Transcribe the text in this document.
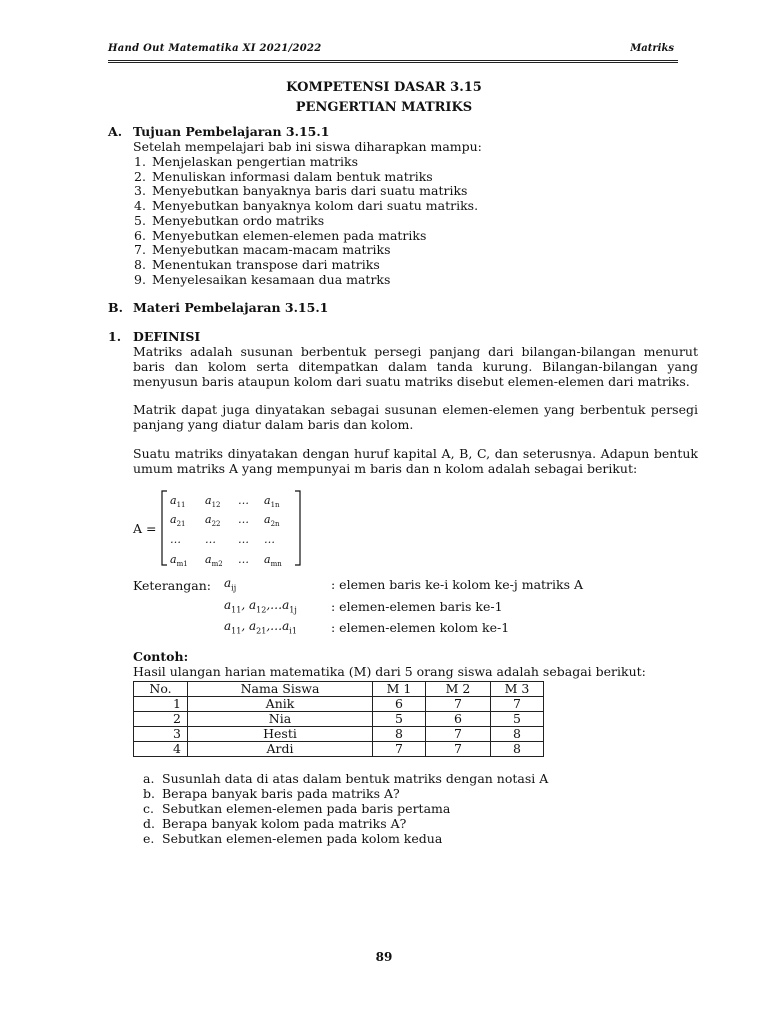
Hand Out Matematika XI 2021/2022	Matriks
KOMPETENSI DASAR 3.15
PENGERTIAN MATRIKS
A. Tujuan Pembelajaran 3.15.1
Setelah mempelajari bab ini siswa diharapkan mampu:
1. Menjelaskan pengertian matriks
2. Menuliskan informasi dalam bentuk matriks
3. Menyebutkan banyaknya baris dari suatu matriks
4. Menyebutkan banyaknya kolom dari suatu matriks.
5. Menyebutkan ordo matriks
6. Menyebutkan elemen-elemen pada matriks
7. Menyebutkan macam-macam matriks
8. Menentukan transpose dari matriks
9. Menyelesaikan kesamaan dua matrks
B. Materi Pembelajaran 3.15.1
1. DEFINISI
Matriks adalah susunan berbentuk persegi panjang dari bilangan-bilangan menurut baris dan kolom serta ditempatkan dalam tanda kurung. Bilangan-bilangan yang menyusun baris ataupun kolom dari suatu matriks disebut elemen-elemen dari matriks.
Matrik dapat juga dinyatakan sebagai susunan elemen-elemen yang berbentuk persegi panjang yang diatur dalam baris dan kolom.
Suatu matriks dinyatakan dengan huruf kapital A, B, C, dan seterusnya. Adapun bentuk umum matriks A yang mempunyai m baris dan n kolom adalah sebagai berikut:
A =
$a_{11}$ $a_{12}$ … $a_{1n}$
$a_{21}$ $a_{22}$ … $a_{2n}$
… … … …
$a_{m1}$ $a_{m2}$ … $a_{mn}$
Keterangan: $a_{ij}$	: elemen baris ke-i kolom ke-j matriks A
$a_{11}$, $a_{12},\dots a_{1j}$	: elemen-elemen baris ke-1
$a_{11}$, $a_{21},\dots a_{i1}$	: elemen-elemen kolom ke-1
Contoh:
Hasil ulangan harian matematika (M) dari 5 orang siswa adalah sebagai berikut:
No.	Nama Siswa	M 1	M 2	M 3
1	Anik	6	7	7
2	Nia	5	6	5
3	Hesti	8	7	8
4	Ardi	7	7	8
a. Susunlah data di atas dalam bentuk matriks dengan notasi A
b. Berapa banyak baris pada matriks A?
c. Sebutkan elemen-elemen pada baris pertama
d. Berapa banyak kolom pada matriks A?
e. Sebutkan elemen-elemen pada kolom kedua
89
